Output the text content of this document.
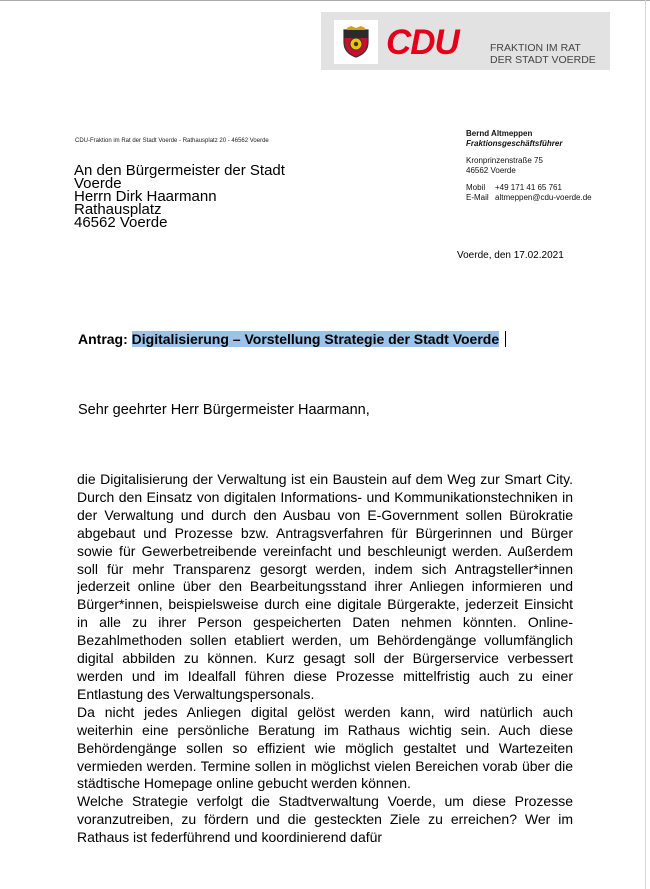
CDU	FRAKTION IM RAT
DER STADT VOERDE
CDU-Fraktion im Rat der Stadt Voerde - Rathausplatz 20 - 46562 Voerde
An den Bürgermeister der Stadt
Voerde
Herrn Dirk Haarmann
Rathausplatz
46562 Voerde
Bernd Altmeppen
Fraktionsgeschäftsführer
Kronprinzenstraße 75
46562 Voerde
Mobil	+49 171 41 65 761
E-Mail altmeppen@cdu-voerde.de
Voerde, den 17.02.2021
Antrag: Digitalisierung – Vorstellung Strategie der Stadt Voerde
Sehr geehrter Herr Bürgermeister Haarmann,

die Digitalisierung der Verwaltung ist ein Baustein auf dem Weg zur Smart City. Durch den Einsatz von digitalen Informations- und Kommunikationstechniken in der Verwaltung und durch den Ausbau von E-Government sollen Bürokratie abgebaut und Prozesse bzw. Antragsverfahren für Bürgerinnen und Bürger sowie für Gewerbetreibende vereinfacht und beschleunigt werden. Außerdem soll für mehr Transparenz gesorgt werden, indem sich Antragsteller*innen jederzeit online über den Bearbeitungsstand ihrer Anliegen informieren und Bürger*innen, beispielsweise durch eine digitale Bürgerakte, jederzeit Einsicht in alle zu ihrer Person gespeicherten Daten nehmen könnten. Online-Bezahlmethoden sollen etabliert werden, um Behördengänge vollumfänglich digital abbilden zu können. Kurz gesagt soll der Bürgerservice verbessert werden und im Idealfall führen diese Prozesse mittelfristig auch zu einer Entlastung des Verwaltungspersonals.

Da nicht jedes Anliegen digital gelöst werden kann, wird natürlich auch weiterhin eine persönliche Beratung im Rathaus wichtig sein. Auch diese Behördengänge sollen so effizient wie möglich gestaltet und Wartezeiten vermieden werden. Termine sollen in möglichst vielen Bereichen vorab über die städtische Homepage online gebucht werden können.

Welche Strategie verfolgt die Stadtverwaltung Voerde, um diese Prozesse voranzutreiben, zu fördern und die gesteckten Ziele zu erreichen? Wer im Rathaus ist federführend und koordinierend dafür
